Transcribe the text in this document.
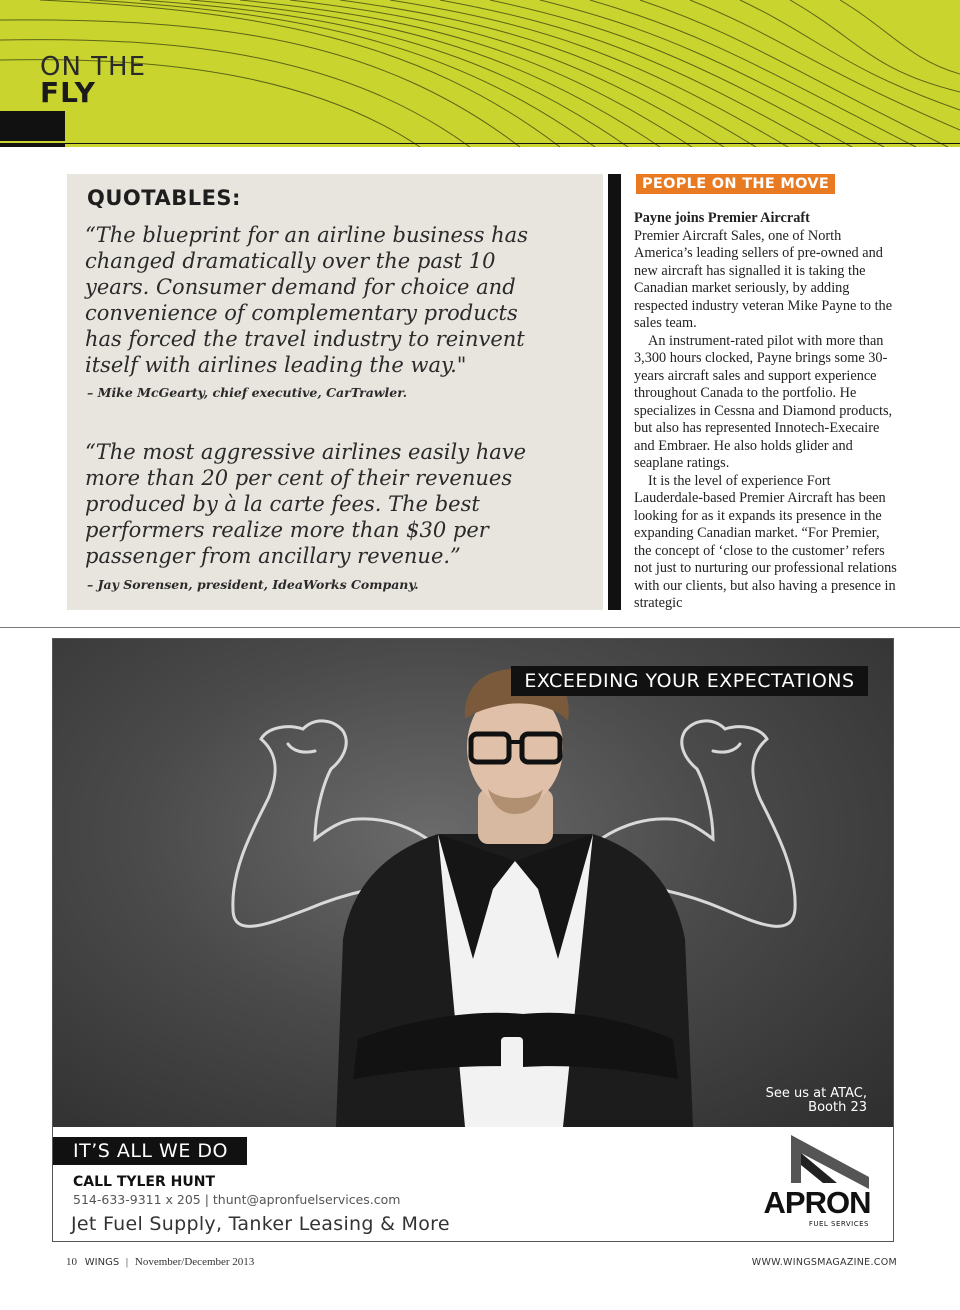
ON THE
FLY
QUOTABLES:
“The blueprint for an airline business has changed dramatically over the past 10 years. Consumer demand for choice and convenience of complementary products has forced the travel industry to reinvent itself with airlines leading the way."
– Mike McGearty, chief executive, CarTrawler.
“The most aggressive airlines easily have more than 20 per cent of their revenues produced by à la carte fees. The best performers realize more than $30 per passenger from ancillary revenue.”
– Jay Sorensen, president, IdeaWorks Company.
PEOPLE ON THE MOVE

Payne joins Premier Aircraft

Premier Aircraft Sales, one of North America’s leading sellers of pre-owned and new aircraft has signalled it is taking the Canadian market seriously, by adding respected industry veteran Mike Payne to the sales team.

An instrument-rated pilot with more than 3,300 hours clocked, Payne brings some 30-years aircraft sales and support experience throughout Canada to the portfolio. He specializes in Cessna and Diamond products, but also has represented Innotech-Execaire and Embraer. He also holds glider and seaplane ratings.

It is the level of experience Fort Lauderdale-based Premier Aircraft has been looking for as it expands its presence in the expanding Canadian market. “For Premier, the concept of ‘close to the customer’ refers not just to nurturing our professional relations with our clients, but also having a presence in strategic

EXCEEDING YOUR EXPECTATIONS
See us at ATAC,
Booth 23
IT’S ALL WE DO
CALL TYLER HUNT
514-633-9311 x 205 | thunt@apronfuelservices.com
Jet Fuel Supply, Tanker Leasing & More
APRON
FUEL SERVICES
10 WINGS | November/December 2013	WWW.WINGSMAGAZINE.COM
